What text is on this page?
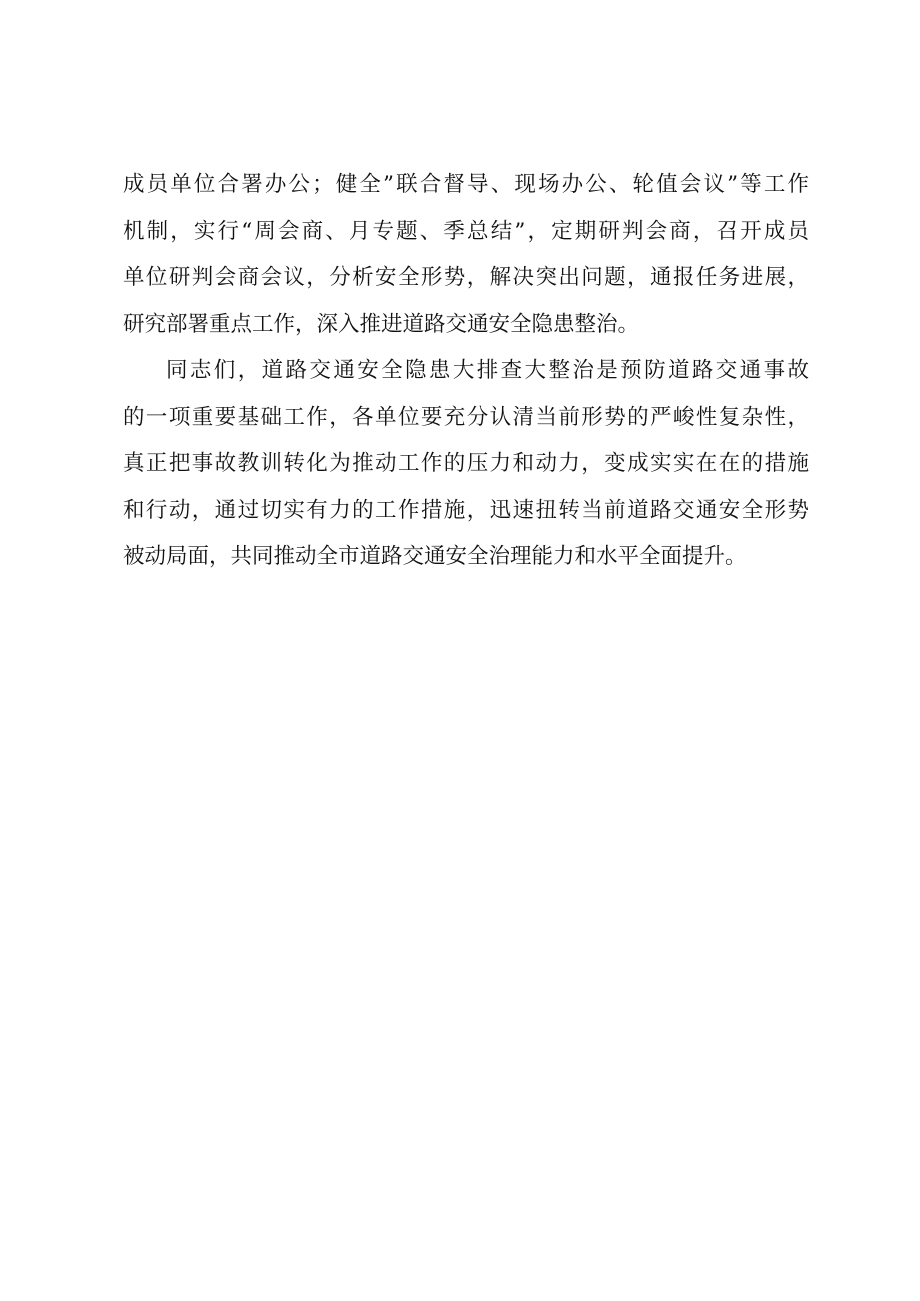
成员单位合署办公；健全”联合督导、现场办公、轮值会议”等工作
机制，实行“周会商、月专题、季总结”，定期研判会商，召开成员
单位研判会商会议，分析安全形势，解决突出问题，通报任务进展，
研究部署重点工作，深入推进道路交通安全隐患整治。
同志们，道路交通安全隐患大排查大整治是预防道路交通事故
的一项重要基础工作，各单位要充分认清当前形势的严峻性复杂性，
真正把事故教训转化为推动工作的压力和动力，变成实实在在的措施
和行动，通过切实有力的工作措施，迅速扭转当前道路交通安全形势
被动局面，共同推动全市道路交通安全治理能力和水平全面提升。
